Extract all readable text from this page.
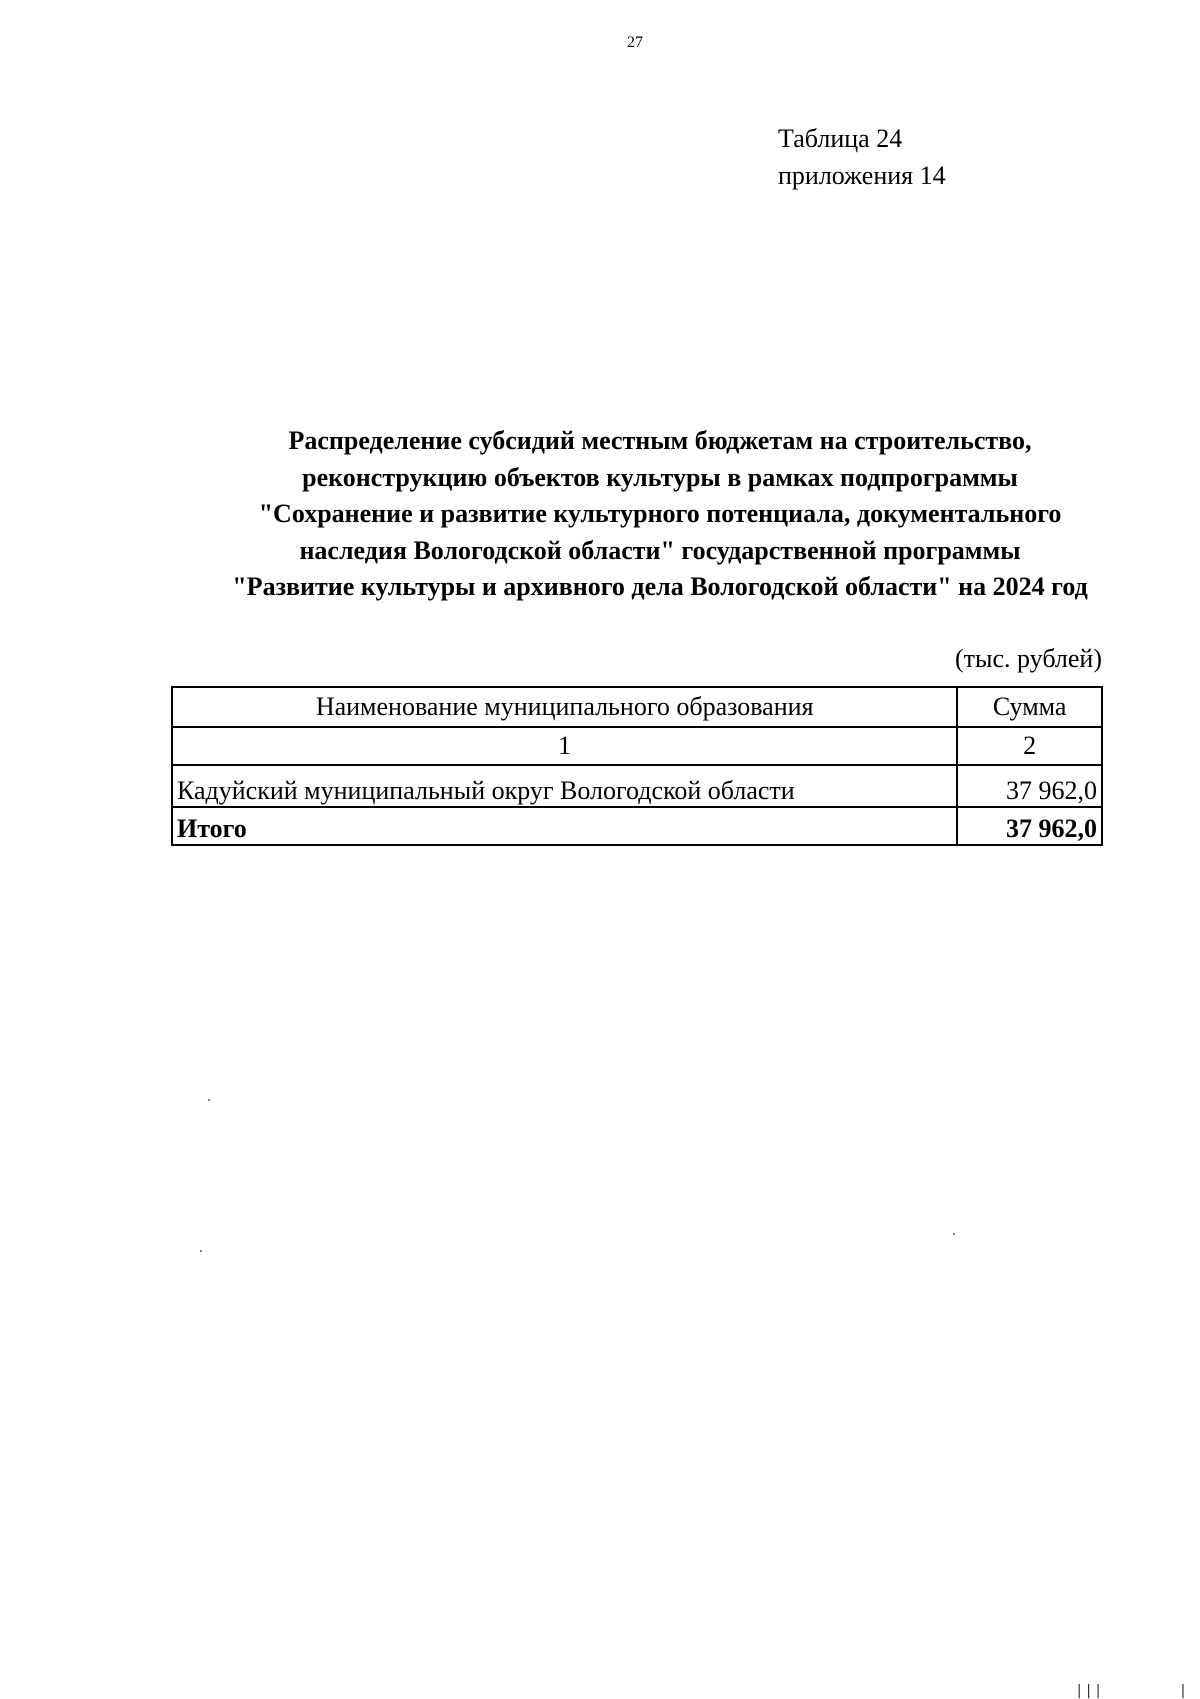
27
Таблица 24
приложения 14
Распределение субсидий местным бюджетам на строительство,
реконструкцию объектов культуры в рамках подпрограммы
"Сохранение и развитие культурного потенциала, документального
наследия Вологодской области" государственной программы
"Развитие культуры и архивного дела Вологодской области" на 2024 год
(тыс. рублей)
Наименование муниципального образования	Сумма
1	2
Кадуйский муниципальный округ Вологодской области	37 962,0
Итого	37 962,0
|||        |
